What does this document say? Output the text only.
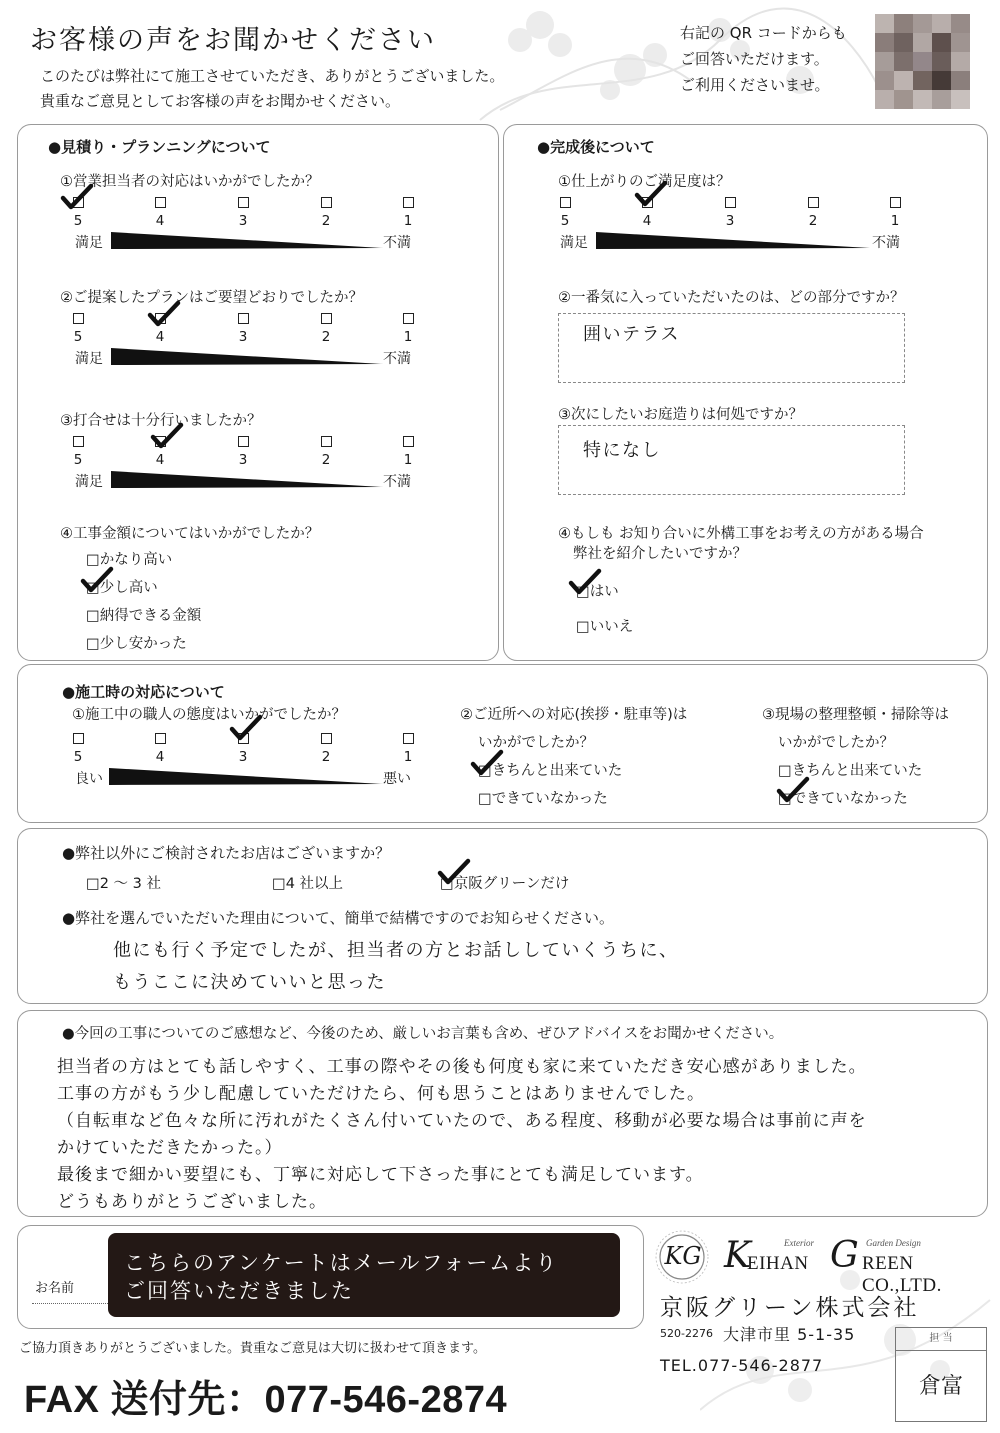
お客様の声をお聞かせください
このたびは弊社にて施工させていただき、ありがとうございました。
貴重なご意見としてお客様の声をお聞かせください。
右記の QR コードからも
ご回答いただけます。
ご利用くださいませ。
●見積り・プランニングについて
①営業担当者の対応はいかがでしたか？
5	4	3	2	1
満足	不満
②ご提案したプランはご要望どおりでしたか？
5	4	3	2	1
満足	不満
③打合せは十分行いましたか？
5	4	3	2	1
満足	不満
④工事金額についてはいかがでしたか？
□かなり高い
□少し高い
□納得できる金額
□少し安かった
●完成後について
①仕上がりのご満足度は？
5	4	3	2	1
満足	不満
②一番気に入っていただいたのは、どの部分ですか？
囲いテラス
③次にしたいお庭造りは何処ですか？
特になし
④もしも お知り合いに外構工事をお考えの方がある場合
弊社を紹介したいですか？
□はい
□いいえ
●施工時の対応について
①施工中の職人の態度はいかがでしたか？
5	4	3	2	1
良い	悪い
②ご近所への対応(挨拶・駐車等)は
いかがでしたか？
□きちんと出来ていた
□できていなかった
③現場の整理整頓・掃除等は
いかがでしたか？
□きちんと出来ていた
□できていなかった
●弊社以外にご検討されたお店はございますか？
□2 ～ 3 社	□4 社以上	□京阪グリーンだけ
●弊社を選んでいただいた理由について、簡単で結構ですのでお知らせください。
他にも行く予定でしたが、担当者の方とお話ししていくうちに、
もうここに決めていいと思った
●今回の工事についてのご感想など、今後のため、厳しいお言葉も含め、ぜひアドバイスをお聞かせください。
担当者の方はとても話しやすく、工事の際やその後も何度も家に来ていただき安心感がありました。
工事の方がもう少し配慮していただけたら、何も思うことはありませんでした。
（自転車など色々な所に汚れがたくさん付いていたので、ある程度、移動が必要な場合は事前に声を
かけていただきたかった。）
最後まで細かい要望にも、丁寧に対応して下さった事にとても満足しています。
どうもありがとうございました。
お名前
こちらのアンケートはメールフォームより
ご回答いただきました
KG K
EIHAN
Exterior G REEN CO.,LTD.
Garden Design
京阪グリーン株式会社
520-2276 大津市里 5-1-35
TEL.077-546-2877
担 当
倉富
ご協力頂きありがとうございました。貴重なご意見は大切に扱わせて頂きます。
FAX 送付先：077-546-2874
